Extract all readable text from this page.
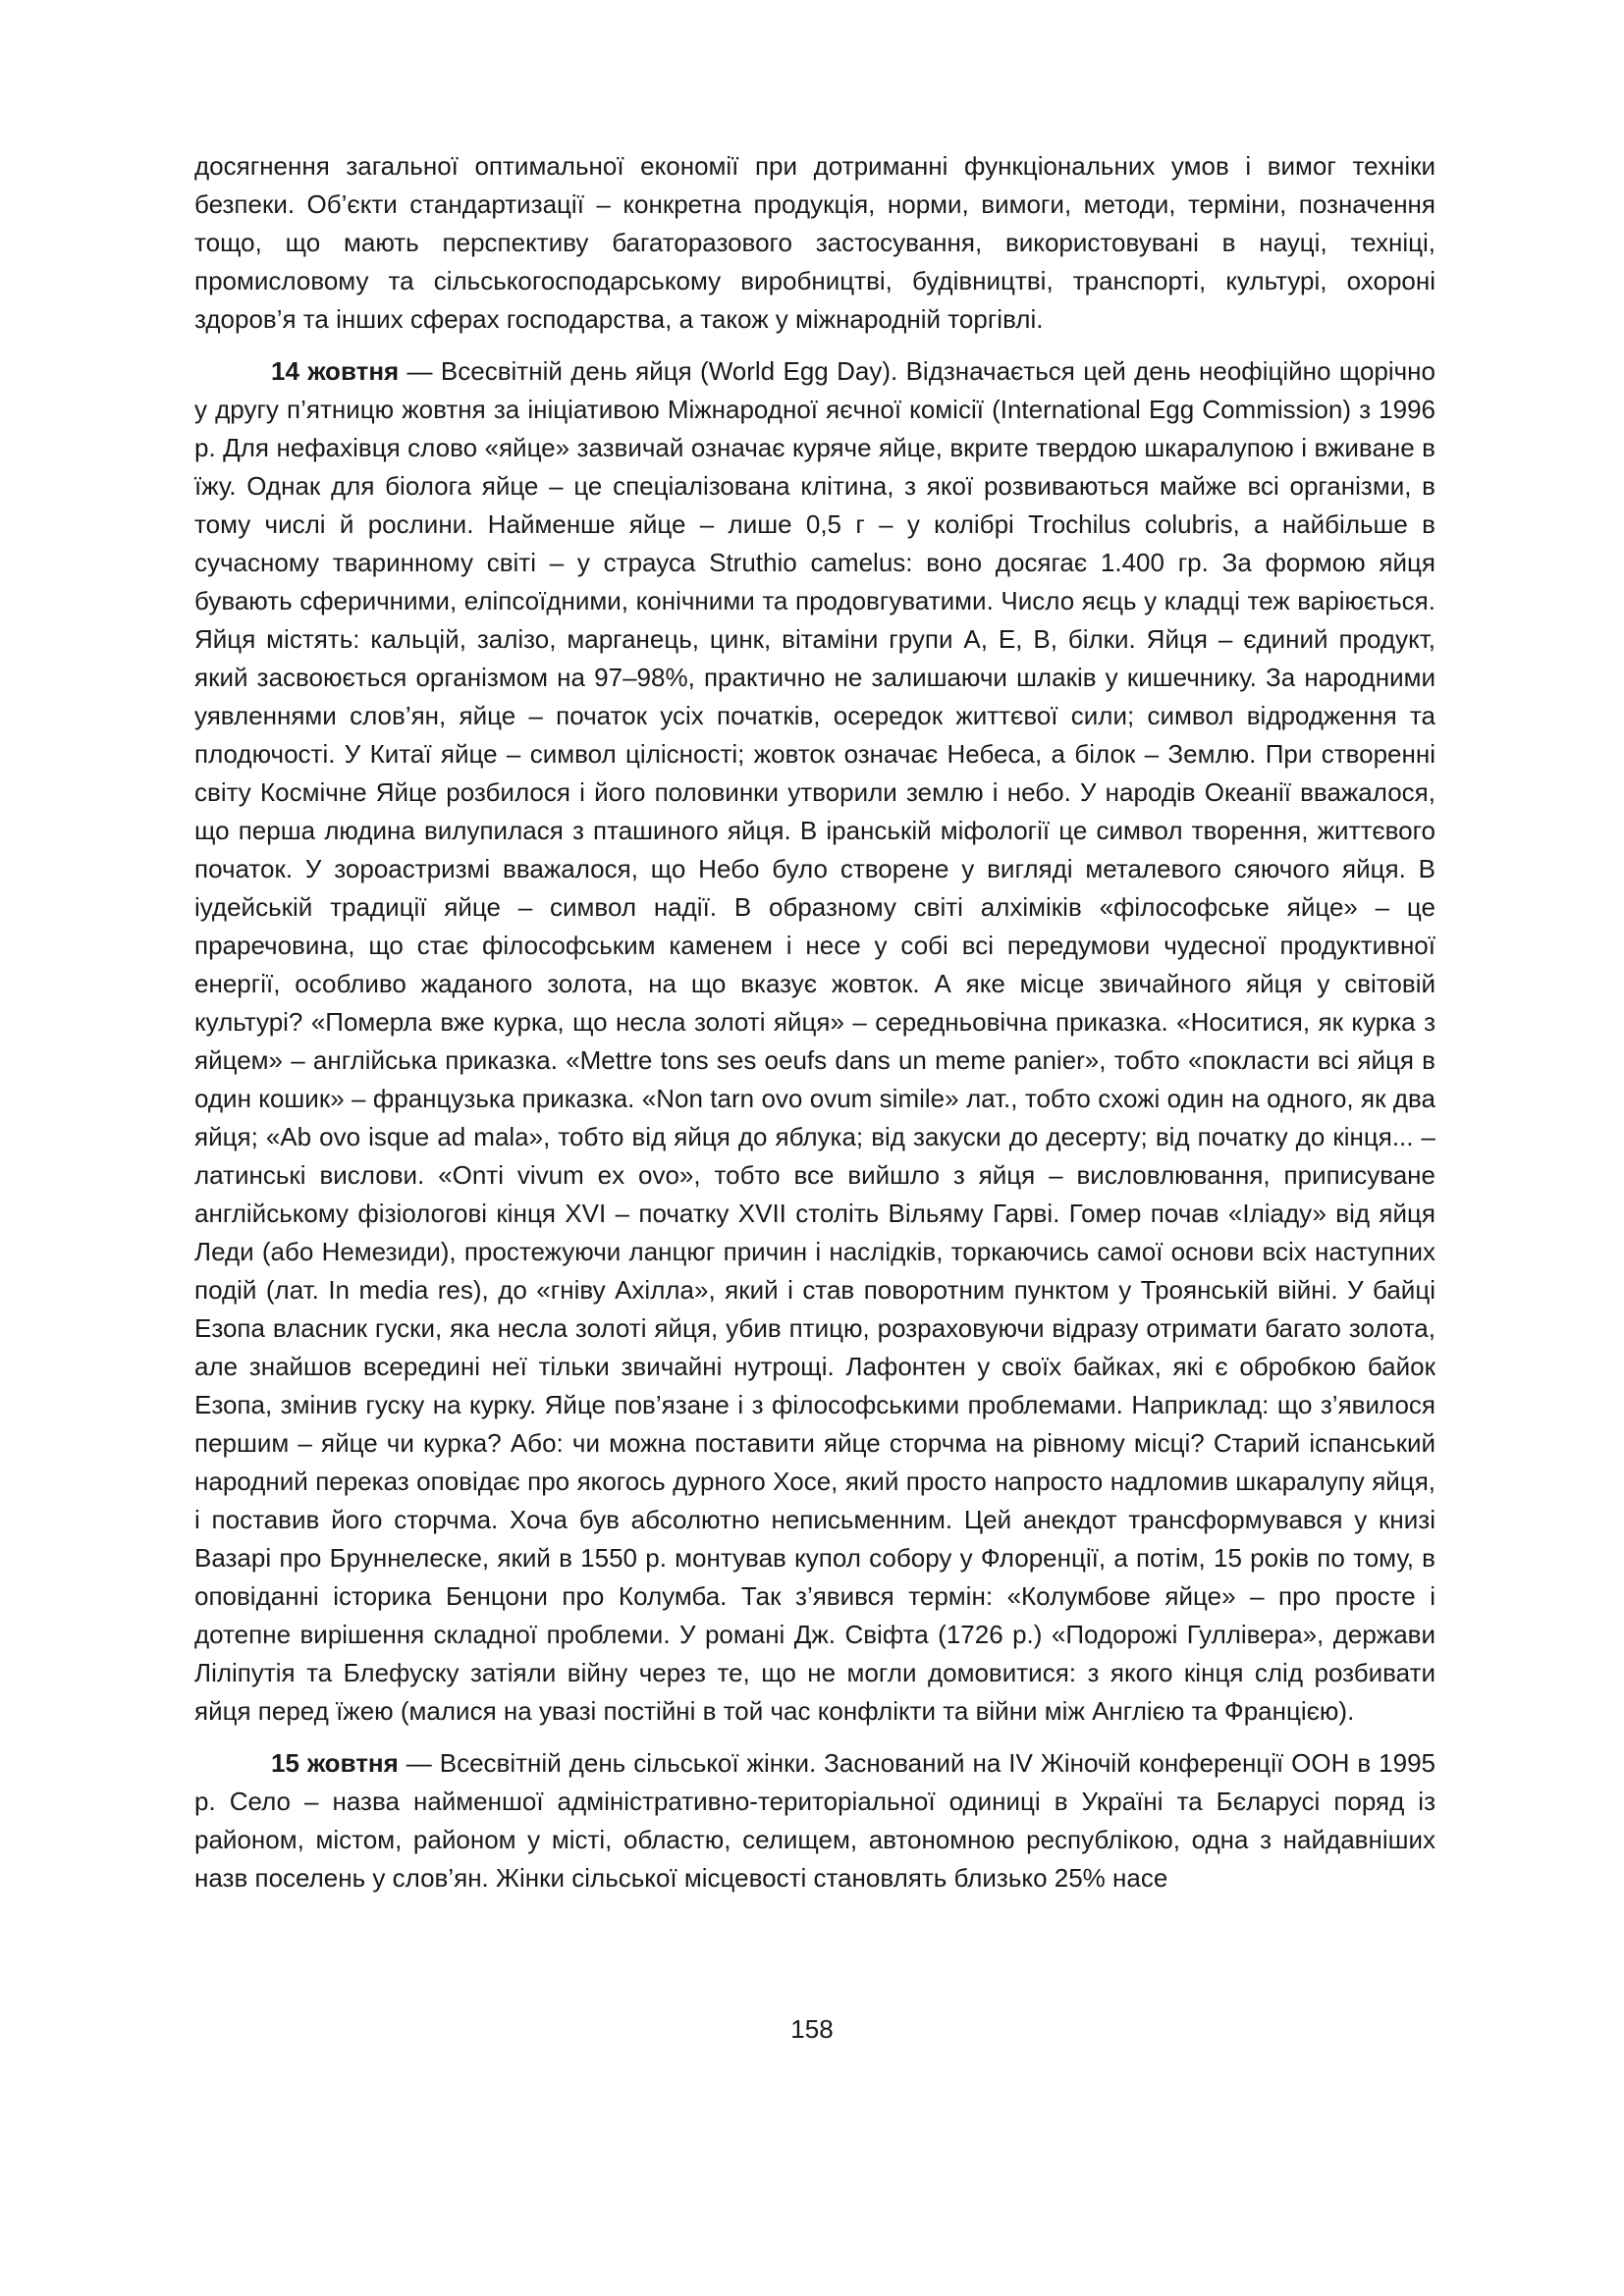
досягнення загальної оптимальної економії при дотриманні функціональних умов і вимог техніки безпеки. Об’єкти стандартизації – конкретна продукція, норми, вимоги, методи, терміни, позначення тощо, що мають перспективу багаторазового застосування, використовувані в науці, техніці, промисловому та сільськогосподарському виробництві, будівництві, транспорті, культурі, охороні здоров’я та інших сферах господарства, а також у міжнародній торгівлі.

14 жовтня — Всесвітній день яйця (World Egg Day). Відзначається цей день неофіційно щорічно у другу п’ятницю жовтня за ініціативою Міжнародної яєчної комісії (International Egg Commission) з 1996 р. Для нефахівця слово «яйце» зазвичай означає куряче яйце, вкрите твердою шкаралупою і вживане в їжу. Однак для біолога яйце – це спеціалізована клітина, з якої розвиваються майже всі організми, в тому числі й рослини. Найменше яйце – лише 0,5 г – у колібрі Trochilus colubris, а найбільше в сучасному тваринному світі – у страуса Struthio camelus: воно досягає 1.400 гр. За формою яйця бувають сферичними, еліпсоїдними, конічними та продовгуватими. Число яєць у кладці теж варіюється. Яйця містять: кальцій, залізо, марганець, цинк, вітаміни групи А, Е, В, білки. Яйця – єдиний продукт, який засвоюється організмом на 97–98%, практично не залишаючи шлаків у кишечнику. За народними уявленнями слов’ян, яйце – початок усіх початків, осередок життєвої сили; символ відродження та плодючості. У Китаї яйце – символ цілісності; жовток означає Небеса, а білок – Землю. При створенні світу Космічне Яйце розбилося і його половинки утворили землю і небо. У народів Океанії вважалося, що перша людина вилупилася з пташиного яйця. В іранській міфології це символ творення, життєвого початок. У зороастризмі вважалося, що Небо було створене у вигляді металевого сяючого яйця. В іудейській традиції яйце – символ надії. В образному світі алхіміків «філософське яйце» – це праречовина, що стає філософським каменем і несе у собі всі передумови чудесної продуктивної енергії, особливо жаданого золота, на що вказує жовток. А яке місце звичайного яйця у світовій культурі? «Померла вже курка, що несла золоті яйця» – середньовічна приказка. «Носитися, як курка з яйцем» – англійська приказка. «Mettre tons ses oeufs dans un meme panier», тобто «покласти всі яйця в один кошик» – французька приказка. «Non tarn ovo ovum simile» лат., тобто схожі один на одного, як два яйця; «Ab ovo isque ad mala», тобто від яйця до яблука; від закуски до десерту; від початку до кінця... – латинські вислови. «Onті vivum ex ovo», тобто все вийшло з яйця – висловлювання, приписуване англійському фізіологові кінця XVI – початку XVII століть Вільяму Гарві. Гомер почав «Іліаду» від яйця Леди (або Немезиди), простежуючи ланцюг причин і наслідків, торкаючись самої основи всіх наступних подій (лат. In media res), до «гніву Ахілла», який і став поворотним пунктом у Троянській війні. У байці Езопа власник гуски, яка несла золоті яйця, убив птицю, розраховуючи відразу отримати багато золота, але знайшов всередині неї тільки звичайні нутрощі. Лафонтен у своїх байках, які є обробкою байок Езопа, змінив гуску на курку. Яйце пов’язане і з філософськими проблемами. Наприклад: що з’явилося першим – яйце чи курка? Або: чи можна поставити яйце сторчма на рівному місці? Старий іспанський народний переказ оповідає про якогось дурного Хосе, який просто напросто надломив шкаралупу яйця, і поставив його сторчма. Хоча був абсолютно неписьменним. Цей анекдот трансформувався у книзі Вазарі про Бруннелеске, який в 1550 р. монтував купол собору у Флоренції, а потім, 15 років по тому, в оповіданні історика Бенцони про Колумба. Так з’явився термін: «Колумбове яйце» – про просте і дотепне вирішення складної проблеми. У романі Дж. Свіфта (1726 р.) «Подорожі Гуллівера», держави Ліліпутія та Блефуску затіяли війну через те, що не могли домовитися: з якого кінця слід розбивати яйця перед їжею (малися на увазі постійні в той час конфлікти та війни між Англією та Францією).

15 жовтня — Всесвітній день сільської жінки. Заснований на IV Жіночій конференції ООН в 1995 р. Село – назва найменшої адміністративно-територіальної одиниці в Україні та Бєларусі поряд із районом, містом, районом у місті, областю, селищем, автономною республікою, одна з найдавніших назв поселень у слов’ян. Жінки сільської місцевості становлять близько 25% насе

158
